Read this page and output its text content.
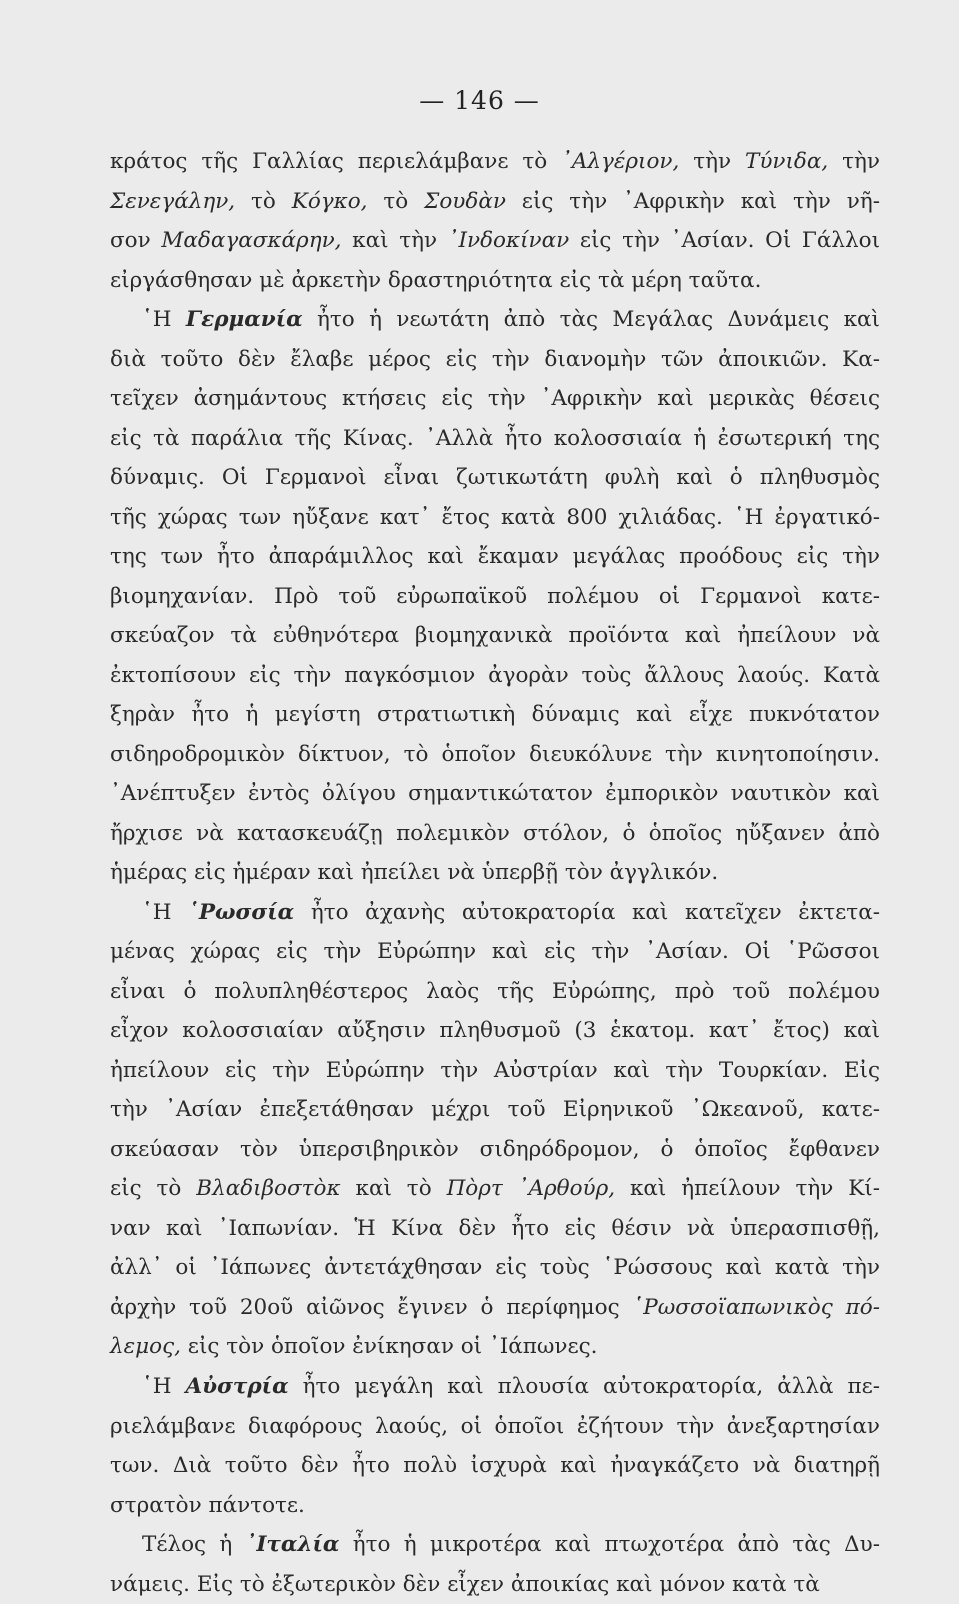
— 146 —
κράτος τῆς Γαλλίας περιελάμβανε τὸ ᾿Αλγέριον, τὴν Τύνιδα, τὴν
Σενεγάλην, τὸ Κόγκο, τὸ Σουδὰν εἰς τὴν ᾿Αφρικὴν καὶ τὴν νῆ-
σον Μαδαγασκάρην, καὶ τὴν ᾿Ινδοκίναν εἰς τὴν ᾿Ασίαν. Οἱ Γάλλοι
εἰργάσθησαν μὲ ἀρκετὴν δραστηριότητα εἰς τὰ μέρη ταῦτα.
῾Η Γερμανία ἦτο ἡ νεωτάτη ἀπὸ τὰς Μεγάλας Δυνάμεις καὶ
διὰ τοῦτο δὲν ἔλαβε μέρος εἰς τὴν διανομὴν τῶν ἀποικιῶν. Κα-
τεῖχεν ἀσημάντους κτήσεις εἰς τὴν ᾿Αφρικὴν καὶ μερικὰς θέσεις
εἰς τὰ παράλια τῆς Κίνας. ᾿Αλλὰ ἦτο κολοσσιαία ἡ ἐσωτερική της
δύναμις. Οἱ Γερμανοὶ εἶναι ζωτικωτάτη φυλὴ καὶ ὁ πληθυσμὸς
τῆς χώρας των ηὔξανε κατ᾿ ἔτος κατὰ 800 χιλιάδας. ῾Η ἐργατικό-
της των ἦτο ἀπαράμιλλος καὶ ἔκαμαν μεγάλας προόδους εἰς τὴν
βιομηχανίαν. Πρὸ τοῦ εὐρωπαϊκοῦ πολέμου οἱ Γερμανοὶ κατε-
σκεύαζον τὰ εὐθηνότερα βιομηχανικὰ προϊόντα καὶ ἠπείλουν νὰ
ἐκτοπίσουν εἰς τὴν παγκόσμιον ἀγορὰν τοὺς ἄλλους λαούς. Κατὰ
ξηρὰν ἦτο ἡ μεγίστη στρατιωτικὴ δύναμις καὶ εἶχε πυκνότατον
σιδηροδρομικὸν δίκτυον, τὸ ὁποῖον διευκόλυνε τὴν κινητοποίησιν.
᾿Ανέπτυξεν ἐντὸς ὀλίγου σημαντικώτατον ἐμπορικὸν ναυτικὸν καὶ
ἤρχισε νὰ κατασκευάζῃ πολεμικὸν στόλον, ὁ ὁποῖος ηὔξανεν ἀπὸ
ἡμέρας εἰς ἡμέραν καὶ ἠπείλει νὰ ὑπερβῇ τὸν ἀγγλικόν.
῾Η ῾Ρωσσία ἦτο ἀχανὴς αὐτοκρατορία καὶ κατεῖχεν ἐκτετα-
μένας χώρας εἰς τὴν Εὐρώπην καὶ εἰς τὴν ᾿Ασίαν. Οἱ ῾Ρῶσσοι
εἶναι ὁ πολυπληθέστερος λαὸς τῆς Εὐρώπης, πρὸ τοῦ πολέμου
εἶχον κολοσσιαίαν αὔξησιν πληθυσμοῦ (3 ἑκατομ. κατ᾿ ἔτος) καὶ
ἠπείλουν εἰς τὴν Εὐρώπην τὴν Αὐστρίαν καὶ τὴν Τουρκίαν. Εἰς
τὴν ᾿Ασίαν ἐπεξετάθησαν μέχρι τοῦ Εἰρηνικοῦ ᾿Ωκεανοῦ, κατε-
σκεύασαν τὸν ὑπερσιβηρικὸν σιδηρόδρομον, ὁ ὁποῖος ἔφθανεν
εἰς τὸ Βλαδιβοστὸκ καὶ τὸ Πὸρτ ᾿Αρθούρ, καὶ ἠπείλουν τὴν Κί-
ναν καὶ ᾿Ιαπωνίαν. Ἡ Κίνα δὲν ἦτο εἰς θέσιν νὰ ὑπερασπισθῇ,
ἀλλ᾿ οἱ ᾿Ιάπωνες ἀντετάχθησαν εἰς τοὺς ῾Ρώσσους καὶ κατὰ τὴν
ἀρχὴν τοῦ 20οῦ αἰῶνος ἔγινεν ὁ περίφημος ῾Ρωσσοϊαπωνικὸς πό-
λεμος, εἰς τὸν ὁποῖον ἐνίκησαν οἱ ᾿Ιάπωνες.
῾Η Αὐστρία ἦτο μεγάλη καὶ πλουσία αὐτοκρατορία, ἀλλὰ πε-
ριελάμβανε διαφόρους λαούς, οἱ ὁποῖοι ἐζήτουν τὴν ἀνεξαρτησίαν
των. Διὰ τοῦτο δὲν ἦτο πολὺ ἰσχυρὰ καὶ ἠναγκάζετο νὰ διατηρῇ
στρατὸν πάντοτε.
Τέλος ἡ ᾿Ιταλία ἦτο ἡ μικροτέρα καὶ πτωχοτέρα ἀπὸ τὰς Δυ-
νάμεις. Εἰς τὸ ἐξωτερικὸν δὲν εἶχεν ἀποικίας καὶ μόνον κατὰ τὰ
